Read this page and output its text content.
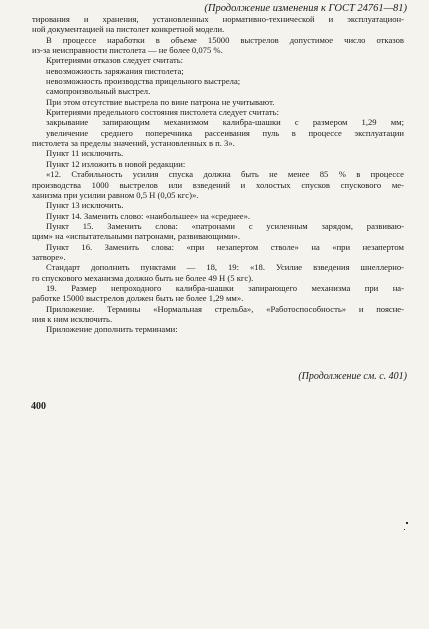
(Продолжение изменения к ГОСТ 24761—81)
тирования и хранения, установленных нормативно-технической и эксплуатацион-
ной документацией на пистолет конкретной модели.
В процессе наработки в объеме 15000 выстрелов допустимое число отказов
из-за неисправности пистолета — не более 0,075 %.
Критериями отказов следует считать:
невозможность заряжания пистолета;
невозможность производства прицельного выстрела;
самопроизвольный выстрел.
При этом отсутствие выстрела по вине патрона не учитывают.
Критериями предельного состояния пистолета следует считать:
закрывание запирающим механизмом калибра-шашки с размером 1,29 мм;
увеличение среднего поперечника рассеивания пуль в процессе эксплуатации
пистолета за пределы значений, установленных в п. 3».
Пункт 11 исключить.
Пункт 12 изложить в новой редакции:
«12. Стабильность усилия спуска должна быть не менее 85 % в процессе
производства 1000 выстрелов или взведений и холостых спусков спускового ме-
ханизма при усилии равном 0,5 Н (0,05 кгс)».
Пункт 13 исключить.
Пункт 14. Заменить слово: «наибольшее» на «среднее».
Пункт 15. Заменить слова: «патронами с усиленным зарядом, развиваю-
щим» на «испытательными патронами, развивающими».
Пункт 16. Заменить слова: «при незапертом стволе» на «при незапертом
затворе».
Стандарт дополнить пунктами — 18, 19: «18. Усилие взведения шнеллерно-
го спускового механизма должно быть не более 49 Н (5 кгс).
19. Размер непроходного калибра-шашки запирающего механизма при на-
работке 15000 выстрелов должен быть не более 1,29 мм».
Приложение. Термины «Нормальная стрельба», «Работоспособность» и поясне-
ния к ним исключить.
Приложение дополнить терминами:
(Продолжение см. с. 401)
400
